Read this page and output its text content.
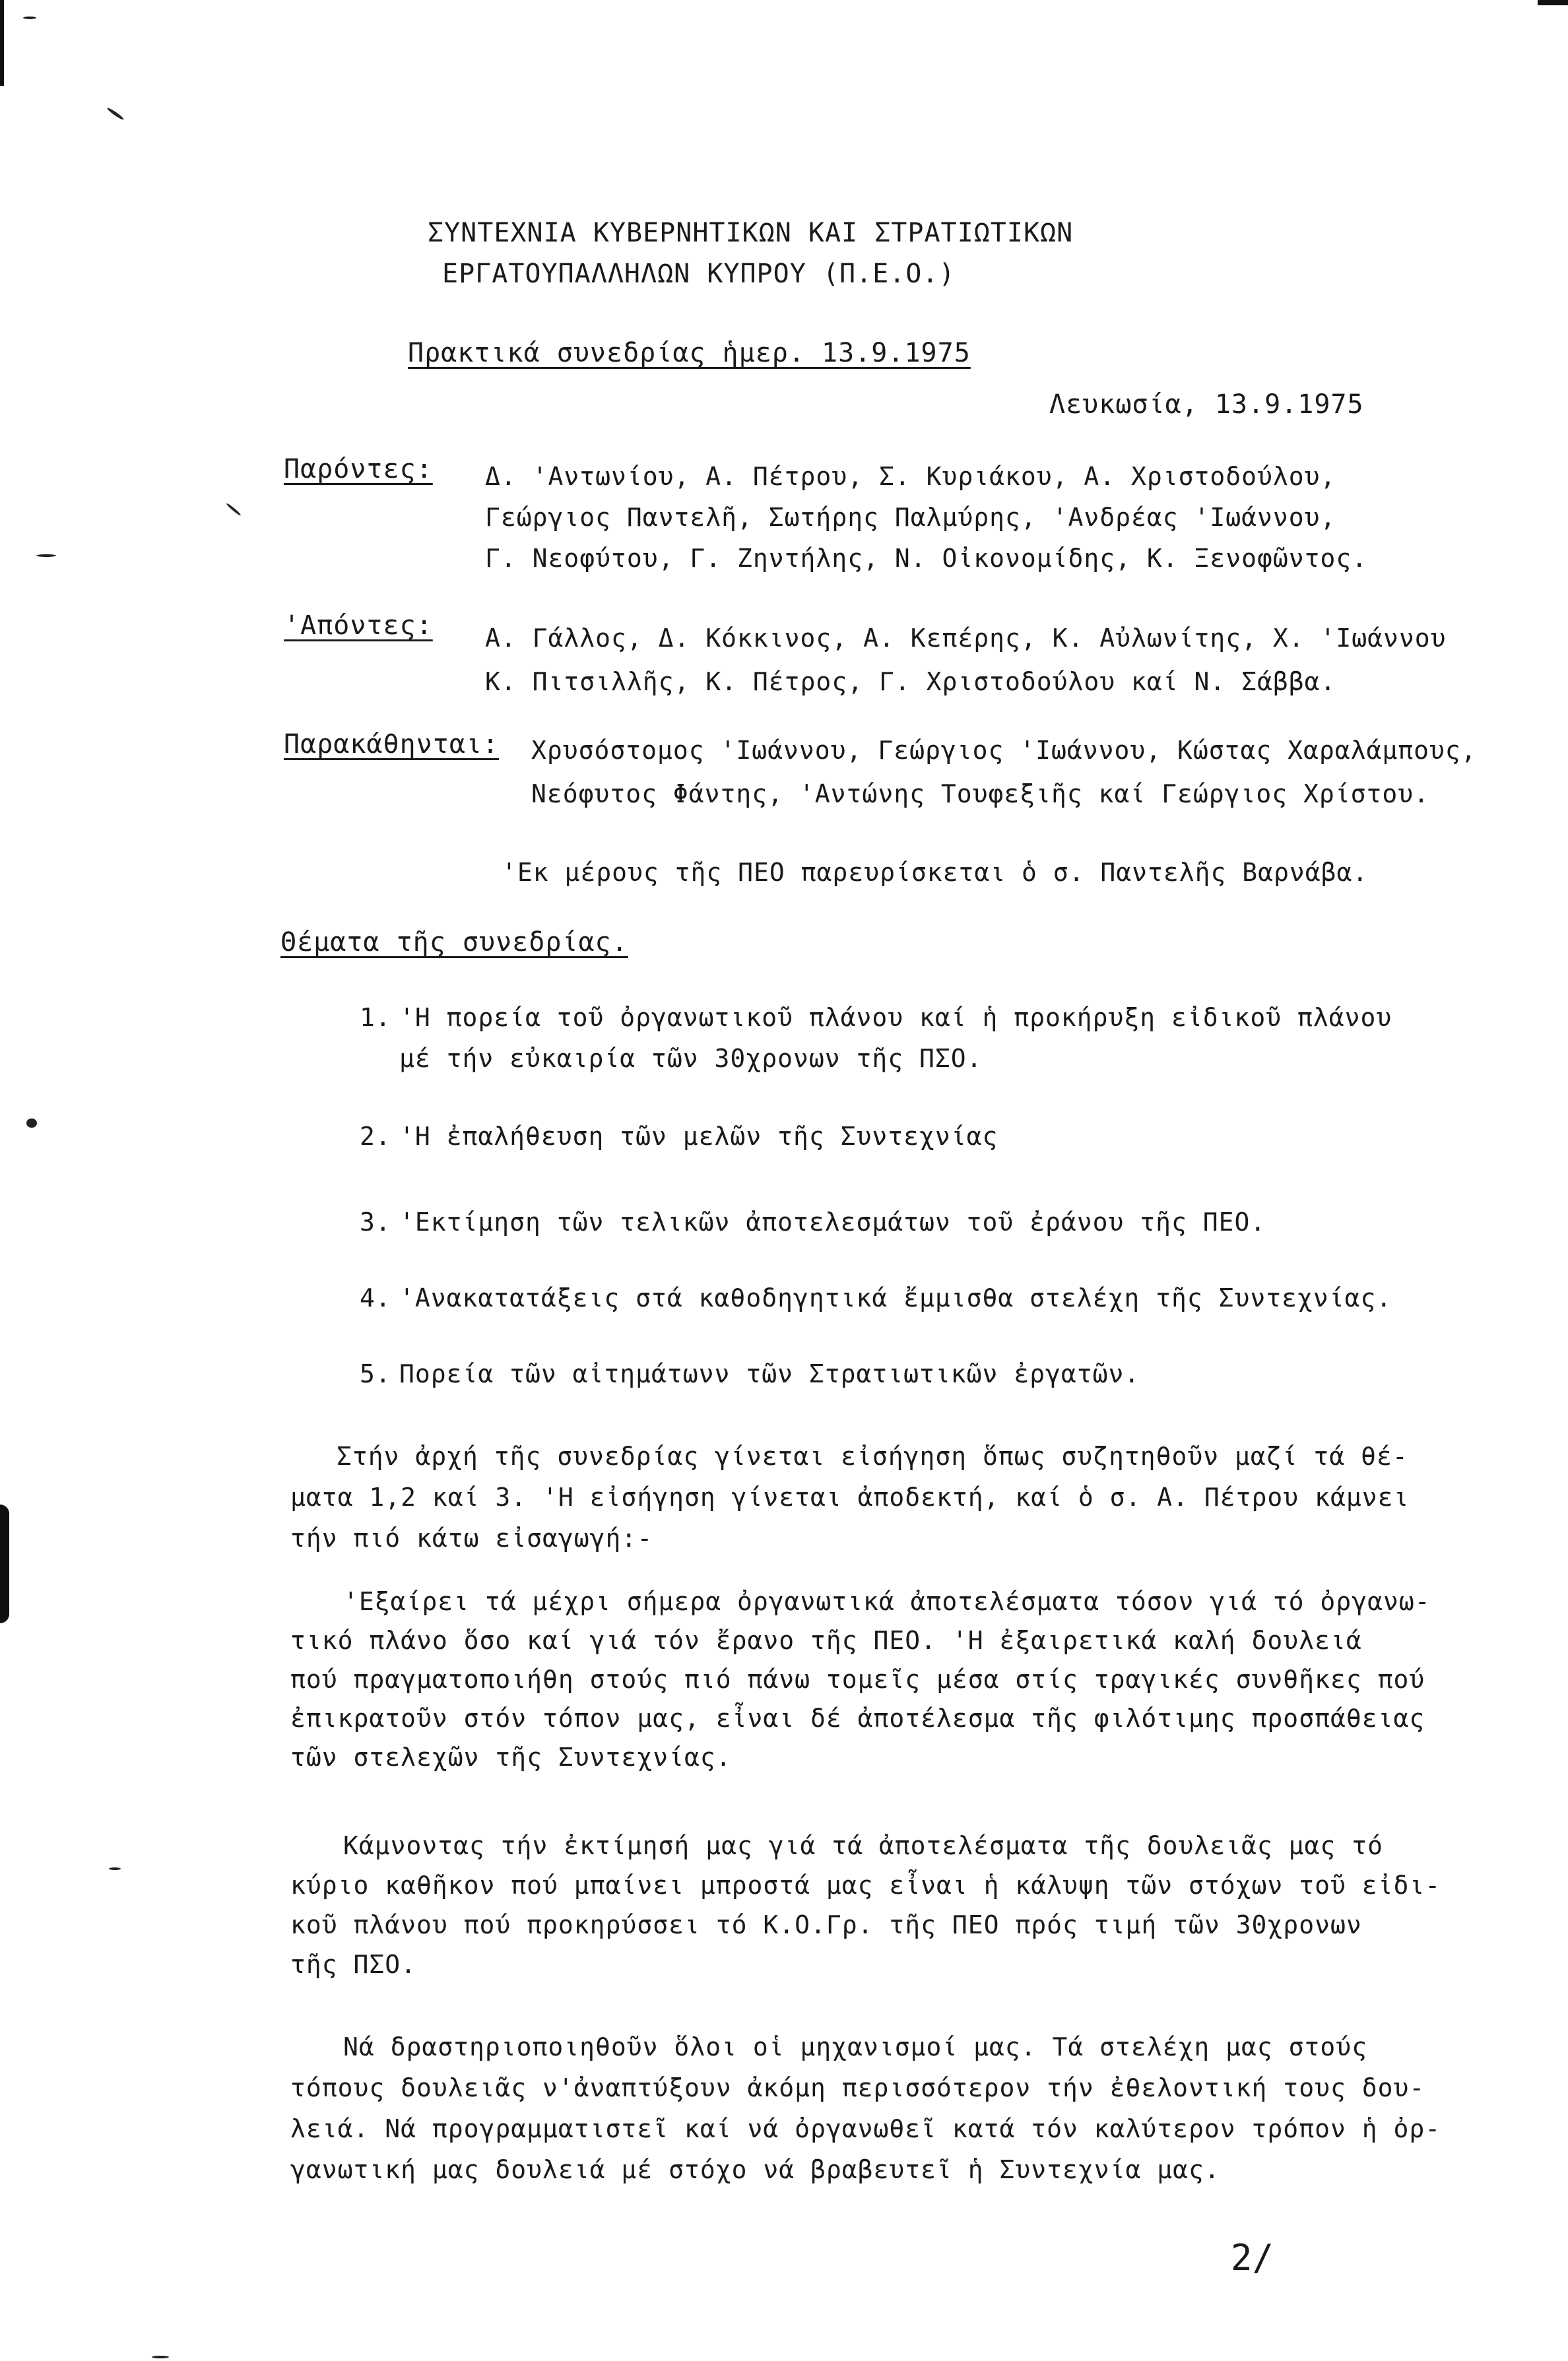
ΣΥΝΤΕΧΝΙΑ ΚΥΒΕΡΝΗΤΙΚΩΝ ΚΑΙ ΣΤΡΑΤΙΩΤΙΚΩΝ
ΕΡΓΑΤΟΥΠΑΛΛΗΛΩΝ ΚΥΠΡΟΥ (Π.Ε.Ο.)
Πρακτικά συνεδρίας ἡμερ. 13.9.1975
Λευκωσία, 13.9.1975
Παρόντες: Δ. 'Αντωνίου, Α. Πέτρου, Σ. Κυριάκου, Α. Χριστοδούλου,
Γεώργιος Παντελῆ, Σωτήρης Παλμύρης, 'Ανδρέας 'Ιωάννου,
Γ. Νεοφύτου, Γ. Ζηντήλης, Ν. Οἰκονομίδης, Κ. Ξενοφῶντος.
'Απόντες: Α. Γάλλος, Δ. Κόκκινος, Α. Κεπέρης, Κ. Αὐλωνίτης, Χ. 'Ιωάννου
Κ. Πιτσιλλῆς, Κ. Πέτρος, Γ. Χριστοδούλου καί Ν. Σάββα.
Παρακάθηνται: Χρυσόστομος 'Ιωάννου, Γεώργιος 'Ιωάννου, Κώστας Χαραλάμπους,
Νεόφυτος Φάντης, 'Αντώνης Τουφεξιῆς καί Γεώργιος Χρίστου.
'Εκ μέρους τῆς ΠΕΟ παρευρίσκεται ὁ σ. Παντελῆς Βαρνάβα.
Θέματα τῆς συνεδρίας.
1. 'Η πορεία τοῦ ὀργανωτικοῦ πλάνου καί ἡ προκήρυξη εἰδικοῦ πλάνου
μέ τήν εὐκαιρία τῶν 30χρονων τῆς ΠΣΟ.
2. 'Η ἐπαλήθευση τῶν μελῶν τῆς Συντεχνίας
3. 'Εκτίμηση τῶν τελικῶν ἀποτελεσμάτων τοῦ ἐράνου τῆς ΠΕΟ.
4. 'Ανακατατάξεις στά καθοδηγητικά ἔμμισθα στελέχη τῆς Συντεχνίας.
5. Πορεία τῶν αἰτημάτωνν τῶν Στρατιωτικῶν ἐργατῶν.
Στήν ἀρχή τῆς συνεδρίας γίνεται εἰσήγηση ὅπως συζητηθοῦν μαζί τά θέ-
ματα 1,2 καί 3. 'Η εἰσήγηση γίνεται ἀποδεκτή, καί ὁ σ. Α. Πέτρου κάμνει
τήν πιό κάτω εἰσαγωγή:-
'Εξαίρει τά μέχρι σήμερα ὀργανωτικά ἀποτελέσματα τόσον γιά τό ὀργανω-
τικό πλάνο ὅσο καί γιά τόν ἔρανο τῆς ΠΕΟ. 'Η ἐξαιρετικά καλή δουλειά
πού πραγματοποιήθη στούς πιό πάνω τομεῖς μέσα στίς τραγικές συνθῆκες πού
ἐπικρατοῦν στόν τόπον μας, εἶναι δέ ἀποτέλεσμα τῆς φιλότιμης προσπάθειας
τῶν στελεχῶν τῆς Συντεχνίας.
Κάμνοντας τήν ἐκτίμησή μας γιά τά ἀποτελέσματα τῆς δουλειᾶς μας τό
κύριο καθῆκον πού μπαίνει μπροστά μας εἶναι ἡ κάλυψη τῶν στόχων τοῦ εἰδι-
κοῦ πλάνου πού προκηρύσσει τό Κ.Ο.Γρ. τῆς ΠΕΟ πρός τιμή τῶν 30χρονων
τῆς ΠΣΟ.
Νά δραστηριοποιηθοῦν ὅλοι οἱ μηχανισμοί μας. Τά στελέχη μας στούς
τόπους δουλειᾶς ν'ἀναπτύξουν ἀκόμη περισσότερον τήν ἐθελοντική τους δου-
λειά. Νά προγραμματιστεῖ καί νά ὀργανωθεῖ κατά τόν καλύτερον τρόπον ἡ ὀρ-
γανωτική μας δουλειά μέ στόχο νά βραβευτεῖ ἡ Συντεχνία μας.
2/
